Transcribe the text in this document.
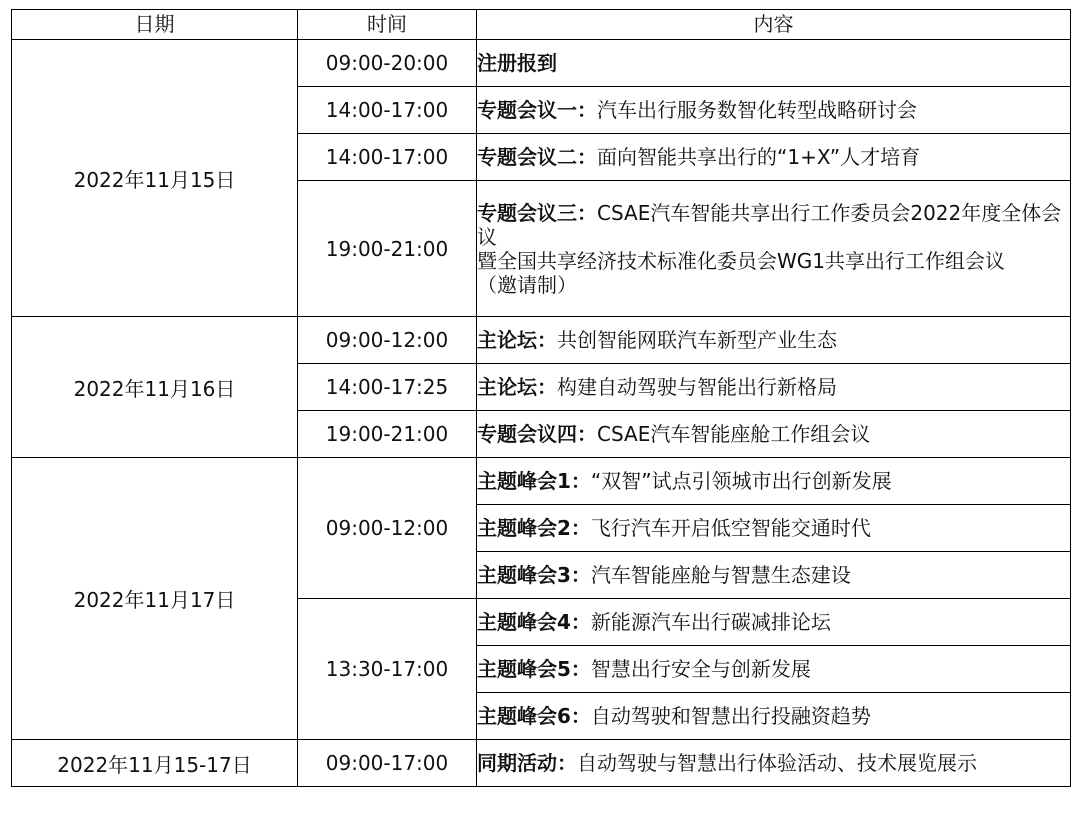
日期	时间	内容
2022年11月15日	09:00-20:00	注册报到
	14:00-17:00	专题会议一：汽车出行服务数智化转型战略研讨会
	14:00-17:00	专题会议二：面向智能共享出行的“1+X”人才培育
	19:00-21:00	专题会议三：CSAE汽车智能共享出行工作委员会2022年度全体会议
暨全国共享经济技术标准化委员会WG1共享出行工作组会议
（邀请制）
2022年11月16日	09:00-12:00	主论坛：共创智能网联汽车新型产业生态
	14:00-17:25	主论坛：构建自动驾驶与智能出行新格局
	19:00-21:00	专题会议四：CSAE汽车智能座舱工作组会议
2022年11月17日	09:00-12:00	主题峰会1：“双智”试点引领城市出行创新发展
		主题峰会2：飞行汽车开启低空智能交通时代
		主题峰会3：汽车智能座舱与智慧生态建设
	13:30-17:00	主题峰会4：新能源汽车出行碳减排论坛
		主题峰会5：智慧出行安全与创新发展
		主题峰会6：自动驾驶和智慧出行投融资趋势
2022年11月15-17日	09:00-17:00	同期活动：自动驾驶与智慧出行体验活动、技术展览展示
